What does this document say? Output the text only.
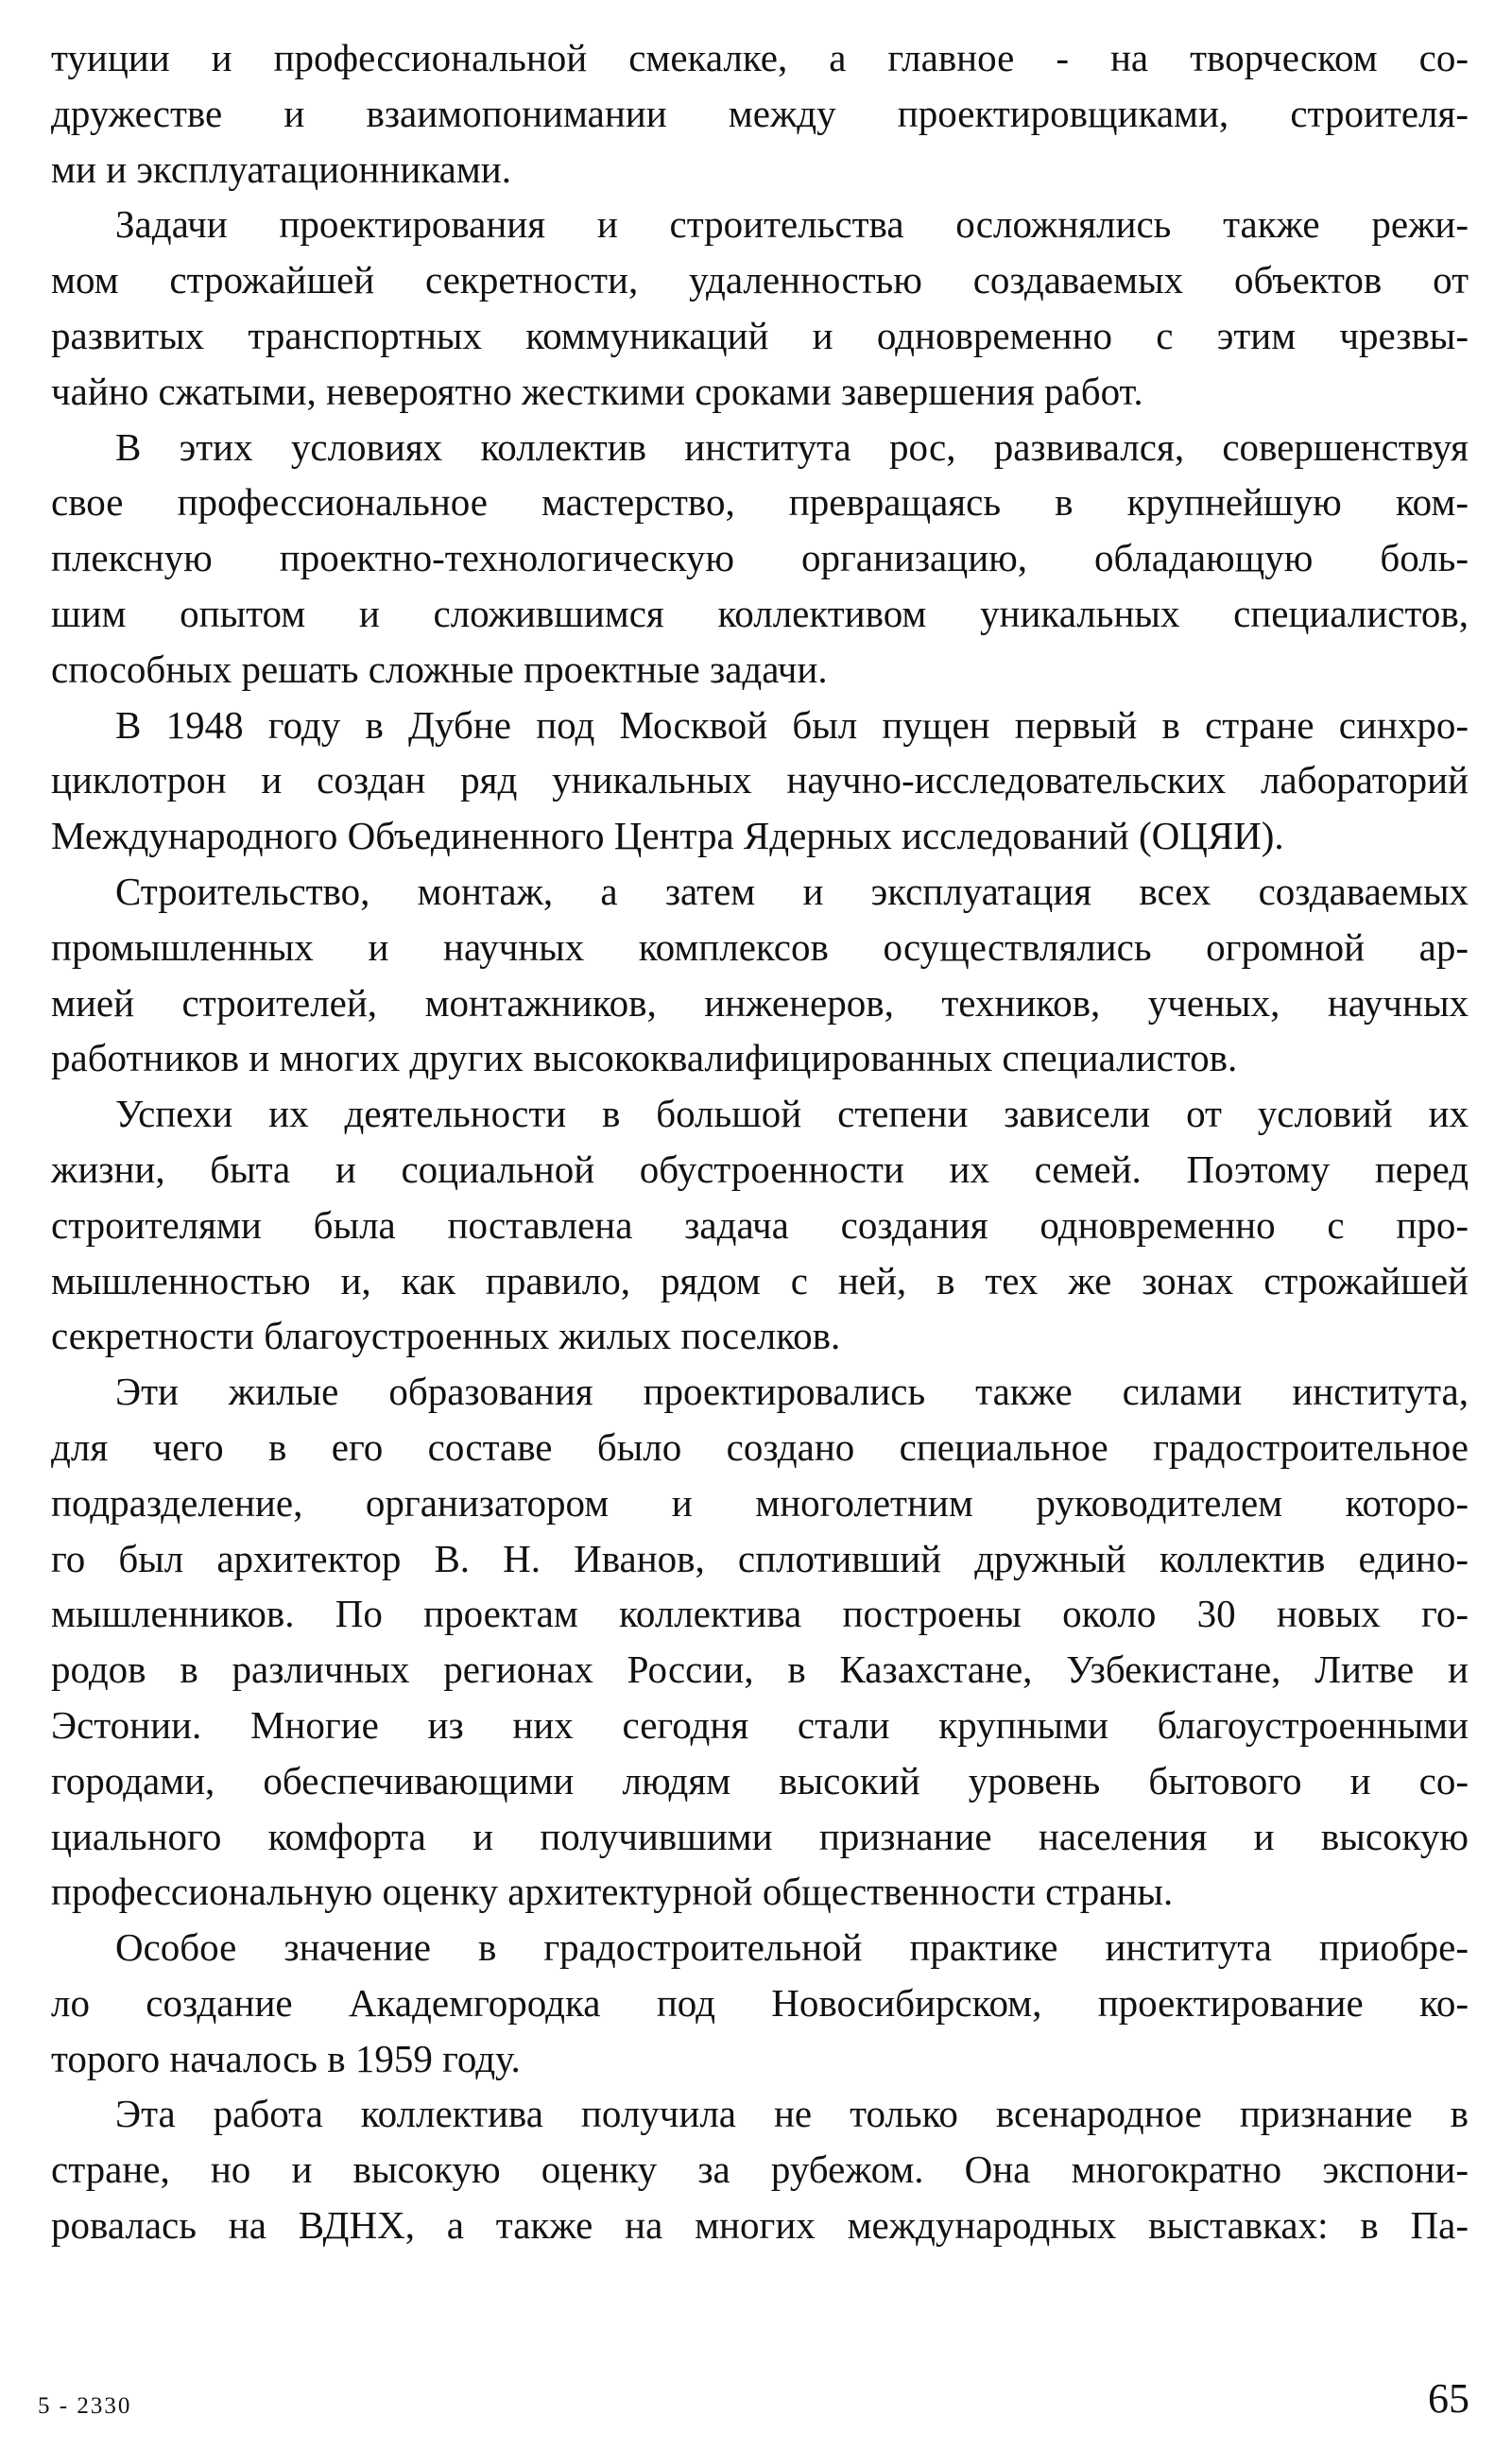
туиции и профессиональной смекалке, а главное - на творческом со-
дружестве и взаимопонимании между проектировщиками, строителя-
ми и эксплуатационниками.
Задачи проектирования и строительства осложнялись также режи-
мом строжайшей секретности, удаленностью создаваемых объектов от
развитых транспортных коммуникаций и одновременно с этим чрезвы-
чайно сжатыми, невероятно жесткими сроками завершения работ.
В этих условиях коллектив института рос, развивался, совершенствуя
свое профессиональное мастерство, превращаясь в крупнейшую ком-
плексную проектно-технологическую организацию, обладающую боль-
шим опытом и сложившимся коллективом уникальных специалистов,
способных решать сложные проектные задачи.
В 1948 году в Дубне под Москвой был пущен первый в стране синхро-
циклотрон и создан ряд уникальных научно-исследовательских лабораторий
Международного Объединенного Центра Ядерных исследований (ОЦЯИ).
Строительство, монтаж, а затем и эксплуатация всех создаваемых
промышленных и научных комплексов осуществлялись огромной ар-
мией строителей, монтажников, инженеров, техников, ученых, научных
работников и многих других высококвалифицированных специалистов.
Успехи их деятельности в большой степени зависели от условий их
жизни, быта и социальной обустроенности их семей. Поэтому перед
строителями была поставлена задача создания одновременно с про-
мышленностью и, как правило, рядом с ней, в тех же зонах строжайшей
секретности благоустроенных жилых поселков.
Эти жилые образования проектировались также силами института,
для чего в его составе было создано специальное градостроительное
подразделение, организатором и многолетним руководителем которо-
го был архитектор В. Н. Иванов, сплотивший дружный коллектив едино-
мышленников. По проектам коллектива построены около 30 новых го-
родов в различных регионах России, в Казахстане, Узбекистане, Литве и
Эстонии. Многие из них сегодня стали крупными благоустроенными
городами, обеспечивающими людям высокий уровень бытового и со-
циального комфорта и получившими признание населения и высокую
профессиональную оценку архитектурной общественности страны.
Особое значение в градостроительной практике института приобре-
ло создание Академгородка под Новосибирском, проектирование ко-
торого началось в 1959 году.
Эта работа коллектива получила не только всенародное признание в
стране, но и высокую оценку за рубежом. Она многократно экспони-
ровалась на ВДНХ, а также на многих международных выставках: в Па-
5 - 2330	65
